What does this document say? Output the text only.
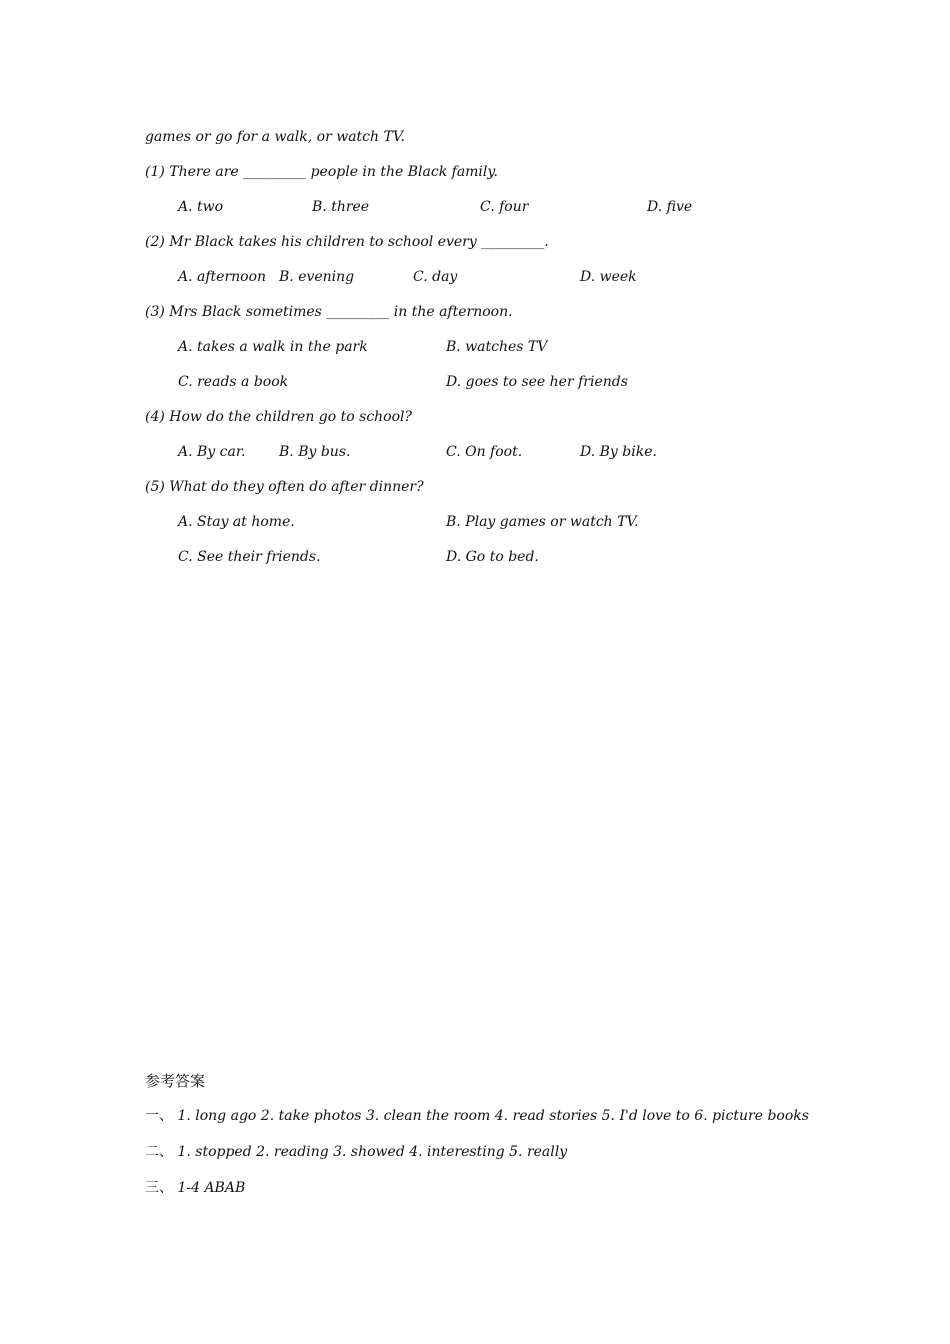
games or go for a walk, or watch TV.
(1) There are _________ people in the Black family.
A. two	B. three	C. four	D. five
(2) Mr Black takes his children to school every _________.
A. afternoon B. evening	C. day	D. week
(3) Mrs Black sometimes _________ in the afternoon.
A. takes a walk in the park	B. watches TV
C. reads a book	D. goes to see her friends
(4) How do the children go to school?
A. By car. B. By bus.	C. On foot.	D. By bike.
(5) What do they often do after dinner?
A. Stay at home.	B. Play games or watch TV.
C. See their friends.	D. Go to bed.
参考答案
一、 1. long ago 2. take photos 3. clean the room 4. read stories 5. I'd love to 6. picture books
二、 1. stopped 2. reading 3. showed 4. interesting 5. really
三、 1-4 ABAB
